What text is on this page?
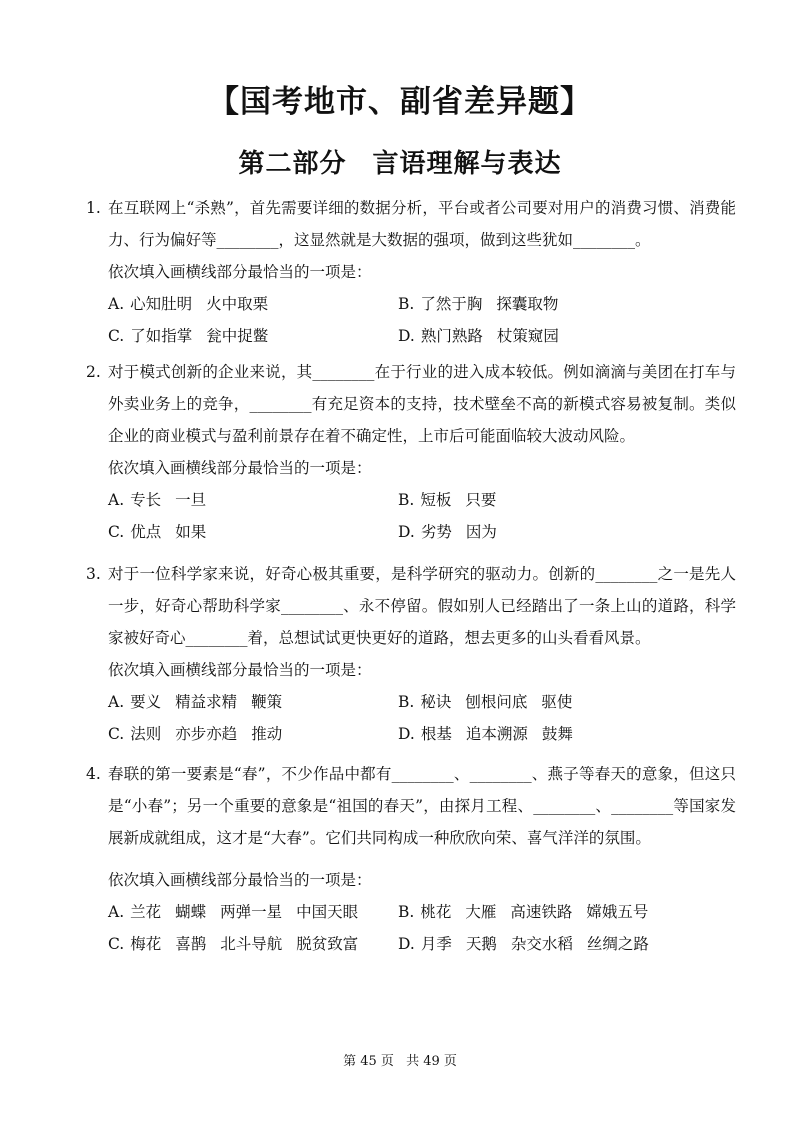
【国考地市、副省差异题】
第二部分 言语理解与表达
1. 在互联网上“杀熟”，首先需要详细的数据分析，平台或者公司要对用户的消费习惯、消费能力、行为偏好等________，这显然就是大数据的强项，做到这些犹如________。
依次填入画横线部分最恰当的一项是：
A. 心知肚明 火中取栗	B. 了然于胸 探囊取物
C. 了如指掌 瓮中捉鳖	D. 熟门熟路 杖策窥园
2. 对于模式创新的企业来说，其________在于行业的进入成本较低。例如滴滴与美团在打车与外卖业务上的竞争，________有充足资本的支持，技术壁垒不高的新模式容易被复制。类似企业的商业模式与盈利前景存在着不确定性，上市后可能面临较大波动风险。
依次填入画横线部分最恰当的一项是：
A. 专长 一旦	B. 短板 只要
C. 优点 如果	D. 劣势 因为
3. 对于一位科学家来说，好奇心极其重要，是科学研究的驱动力。创新的________之一是先人一步，好奇心帮助科学家________、永不停留。假如别人已经踏出了一条上山的道路，科学家被好奇心________着，总想试试更快更好的道路，想去更多的山头看看风景。
依次填入画横线部分最恰当的一项是：
A. 要义 精益求精 鞭策	B. 秘诀 刨根问底 驱使
C. 法则 亦步亦趋 推动	D. 根基 追本溯源 鼓舞
4. 春联的第一要素是“春”，不少作品中都有________、________、燕子等春天的意象，但这只是“小春”；另一个重要的意象是“祖国的春天”，由探月工程、________、________等国家发展新成就组成，这才是“大春”。它们共同构成一种欣欣向荣、喜气洋洋的氛围。
依次填入画横线部分最恰当的一项是：
A. 兰花 蝴蝶 两弹一星 中国天眼	B. 桃花 大雁 高速铁路 嫦娥五号
C. 梅花 喜鹊 北斗导航 脱贫致富	D. 月季 天鹅 杂交水稻 丝绸之路
第 45 页 共 49 页
